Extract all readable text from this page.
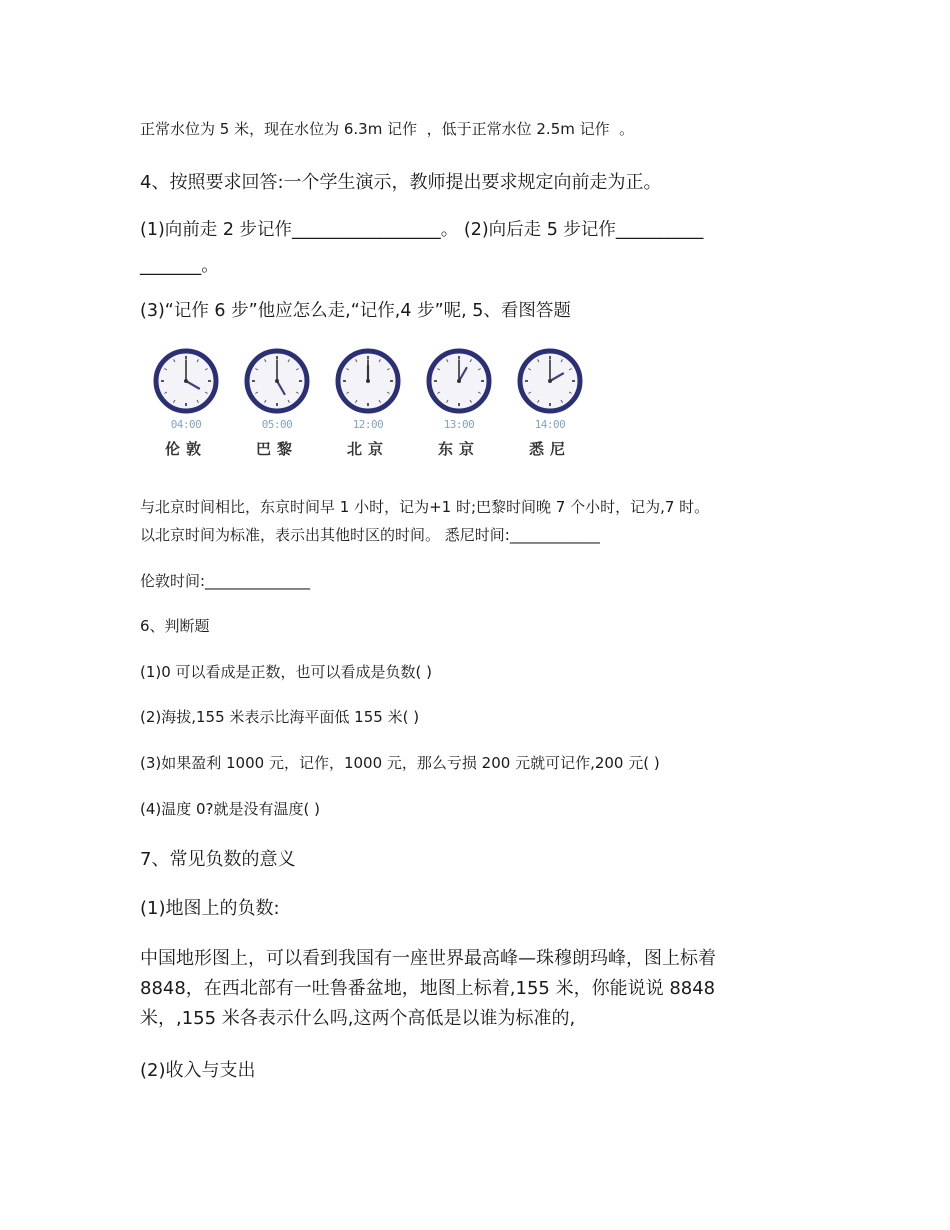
正常水位为 5 米，现在水位为 6.3m 记作  ，低于正常水位 2.5m 记作  。

4、按照要求回答:一个学生演示，教师提出要求规定向前走为正。

(1)向前走 2 步记作_________________。 (2)向后走 5 步记作__________

_______。

(3)“记作 6 步”他应怎么走,“记作,4 步”呢, 5、看图答题

04:00
伦敦
05:00
巴黎
12:00
北京
13:00
东京
14:00
悉尼

与北京时间相比，东京时间早 1 小时，记为+1 时;巴黎时间晚 7 个小时，记为,7 时。

以北京时间为标准，表示出其他时区的时间。 悉尼时间:____________

伦敦时间:______________

6、判断题

(1)0 可以看成是正数，也可以看成是负数( )

(2)海拔,155 米表示比海平面低 155 米( )

(3)如果盈利 1000 元，记作，1000 元，那么亏损 200 元就可记作,200 元( )

(4)温度 0?就是没有温度( )

7、常见负数的意义

(1)地图上的负数:

中国地形图上，可以看到我国有一座世界最高峰—珠穆朗玛峰，图上标着

8848，在西北部有一吐鲁番盆地，地图上标着,155 米，你能说说 8848

米，,155 米各表示什么吗,这两个高低是以谁为标准的,

(2)收入与支出
